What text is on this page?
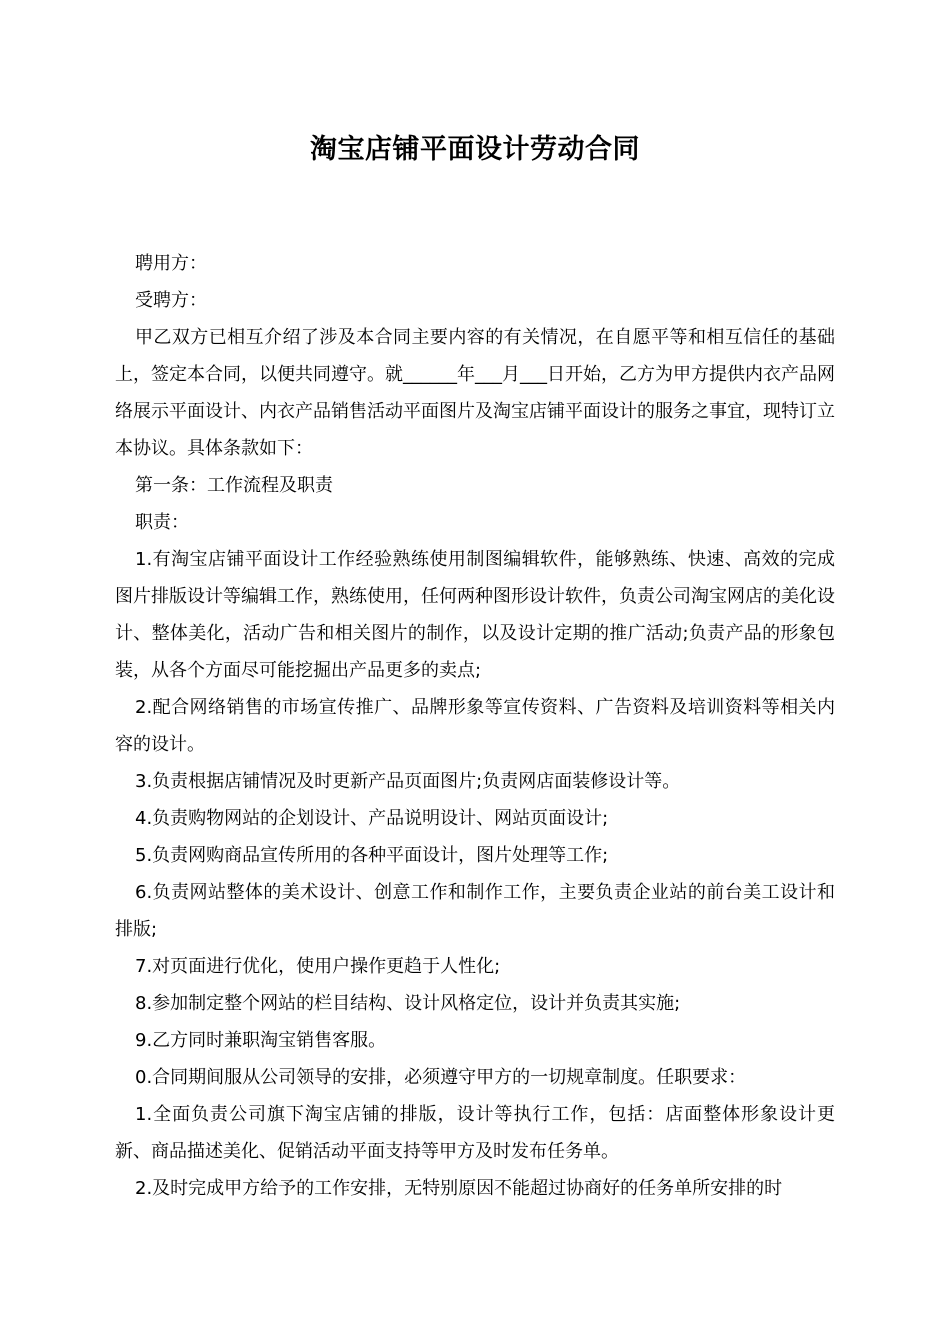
淘宝店铺平面设计劳动合同

聘用方：

受聘方：

甲乙双方已相互介绍了涉及本合同主要内容的有关情况，在自愿平等和相互信任的基础上，签定本合同，以便共同遵守。就______年___月___日开始，乙方为甲方提供内衣产品网络展示平面设计、内衣产品销售活动平面图片及淘宝店铺平面设计的服务之事宜，现特订立本协议。具体条款如下：

第一条：工作流程及职责

职责：

1.有淘宝店铺平面设计工作经验熟练使用制图编辑软件，能够熟练、快速、高效的完成图片排版设计等编辑工作，熟练使用，任何两种图形设计软件，负责公司淘宝网店的美化设计、整体美化，活动广告和相关图片的制作，以及设计定期的推广活动;负责产品的形象包装，从各个方面尽可能挖掘出产品更多的卖点;

2.配合网络销售的市场宣传推广、品牌形象等宣传资料、广告资料及培训资料等相关内容的设计。

3.负责根据店铺情况及时更新产品页面图片;负责网店面装修设计等。

4.负责购物网站的企划设计、产品说明设计、网站页面设计;

5.负责网购商品宣传所用的各种平面设计，图片处理等工作;

6.负责网站整体的美术设计、创意工作和制作工作，主要负责企业站的前台美工设计和排版;

7.对页面进行优化，使用户操作更趋于人性化;

8.参加制定整个网站的栏目结构、设计风格定位，设计并负责其实施;

9.乙方同时兼职淘宝销售客服。

0.合同期间服从公司领导的安排，必须遵守甲方的一切规章制度。任职要求：

1.全面负责公司旗下淘宝店铺的排版，设计等执行工作，包括：店面整体形象设计更新、商品描述美化、促销活动平面支持等甲方及时发布任务单。

2.及时完成甲方给予的工作安排，无特别原因不能超过协商好的任务单所安排的时
